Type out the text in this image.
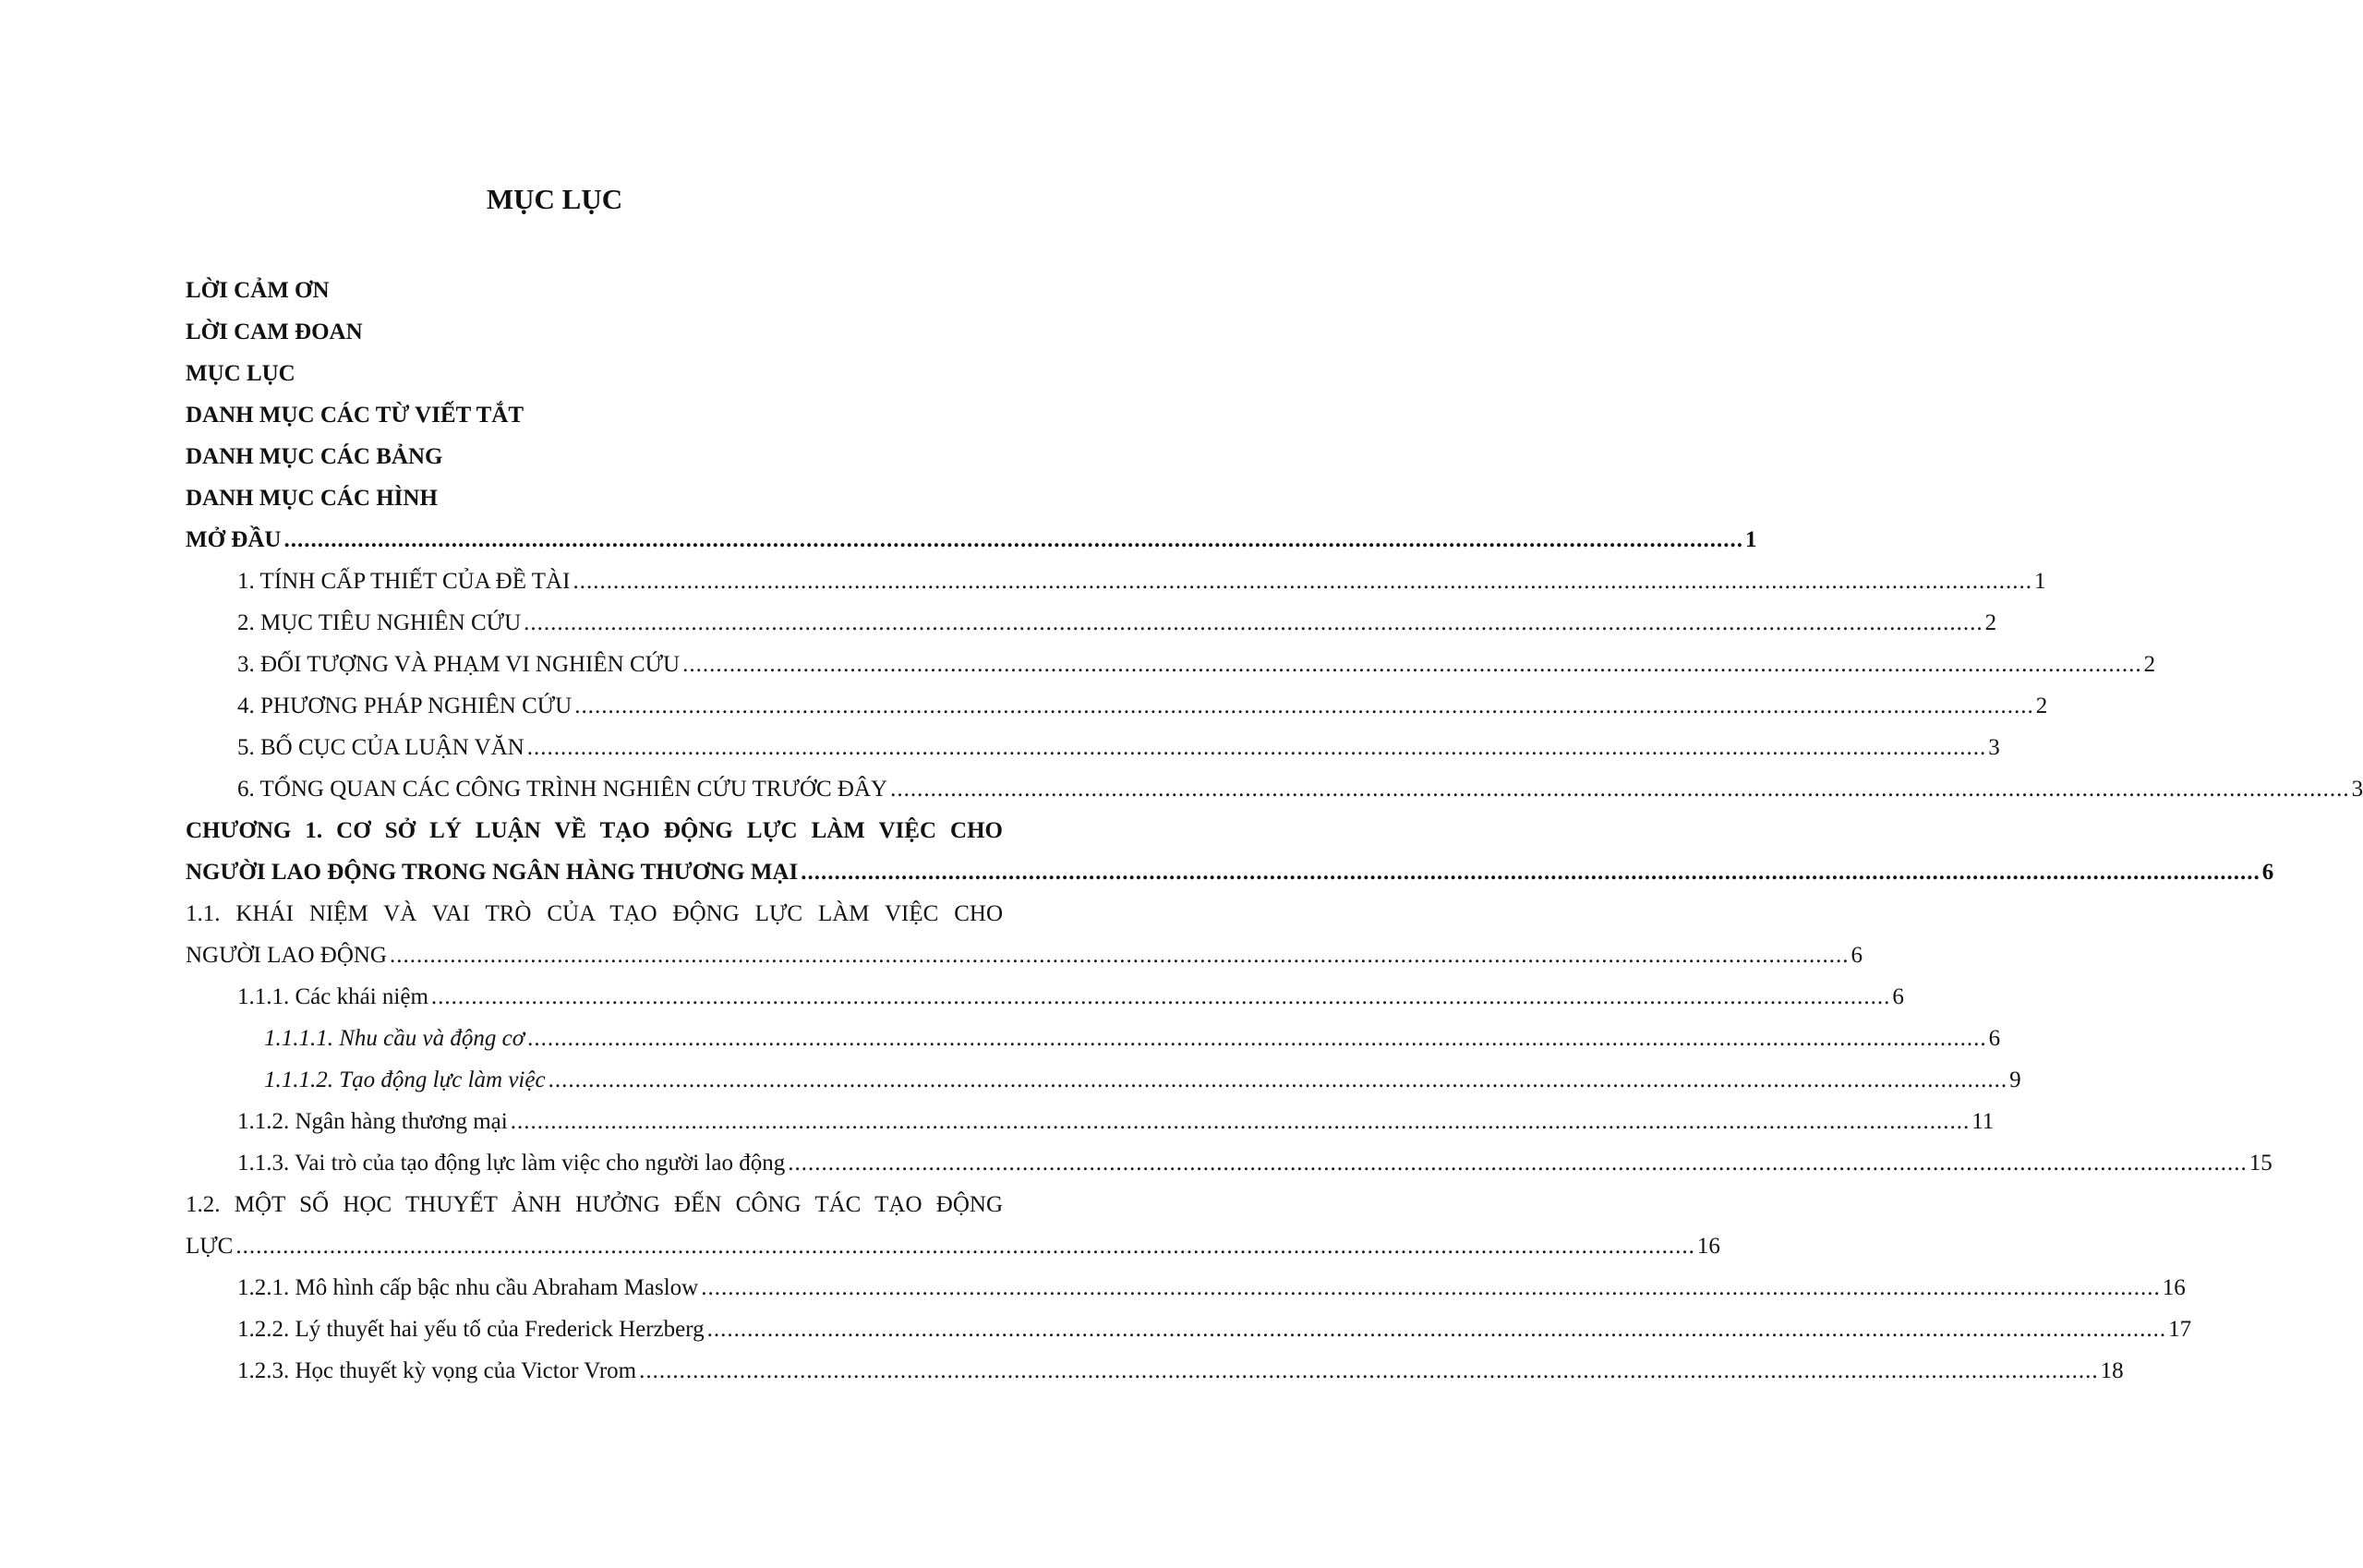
MỤC LỤC
LỜI CẢM ƠN
LỜI CAM ĐOAN
MỤC LỤC
DANH MỤC CÁC TỪ VIẾT TẮT
DANH MỤC CÁC BẢNG
DANH MỤC CÁC HÌNH
MỞ ĐẦU .......................................................................................................................................................................................................................... 1
1. TÍNH CẤP THIẾT CỦA ĐỀ TÀI .......................................................................................................................................................................................................................... 1
2. MỤC TIÊU NGHIÊN CỨU .......................................................................................................................................................................................................................... 2
3. ĐỐI TƯỢNG VÀ PHẠM VI NGHIÊN CỨU .......................................................................................................................................................................................................................... 2
4. PHƯƠNG PHÁP NGHIÊN CỨU .......................................................................................................................................................................................................................... 2
5. BỐ CỤC CỦA LUẬN VĂN .......................................................................................................................................................................................................................... 3
6. TỔNG QUAN CÁC CÔNG TRÌNH NGHIÊN CỨU TRƯỚC ĐÂY .......................................................................................................................................................................................................................... 3
CHƯƠNG 1. CƠ SỞ LÝ LUẬN VỀ TẠO ĐỘNG LỰC LÀM VIỆC CHO
NGƯỜI LAO ĐỘNG TRONG NGÂN HÀNG THƯƠNG MẠI .......................................................................................................................................................................................................................... 6
1.1. KHÁI NIỆM VÀ VAI TRÒ CỦA TẠO ĐỘNG LỰC LÀM VIỆC CHO
NGƯỜI LAO ĐỘNG .......................................................................................................................................................................................................................... 6
1.1.1. Các khái niệm .......................................................................................................................................................................................................................... 6
1.1.1.1. Nhu cầu và động cơ .......................................................................................................................................................................................................................... 6
1.1.1.2. Tạo động lực làm việc .......................................................................................................................................................................................................................... 9
1.1.2. Ngân hàng thương mại .......................................................................................................................................................................................................................... 11
1.1.3. Vai trò của tạo động lực làm việc cho người lao động .......................................................................................................................................................................................................................... 15
1.2. MỘT SỐ HỌC THUYẾT ẢNH HƯỞNG ĐẾN CÔNG TÁC TẠO ĐỘNG
LỰC .......................................................................................................................................................................................................................... 16
1.2.1. Mô hình cấp bậc nhu cầu Abraham Maslow .......................................................................................................................................................................................................................... 16
1.2.2. Lý thuyết hai yếu tố của Frederick Herzberg .......................................................................................................................................................................................................................... 17
1.2.3. Học thuyết kỳ vọng của Victor Vrom .......................................................................................................................................................................................................................... 18
